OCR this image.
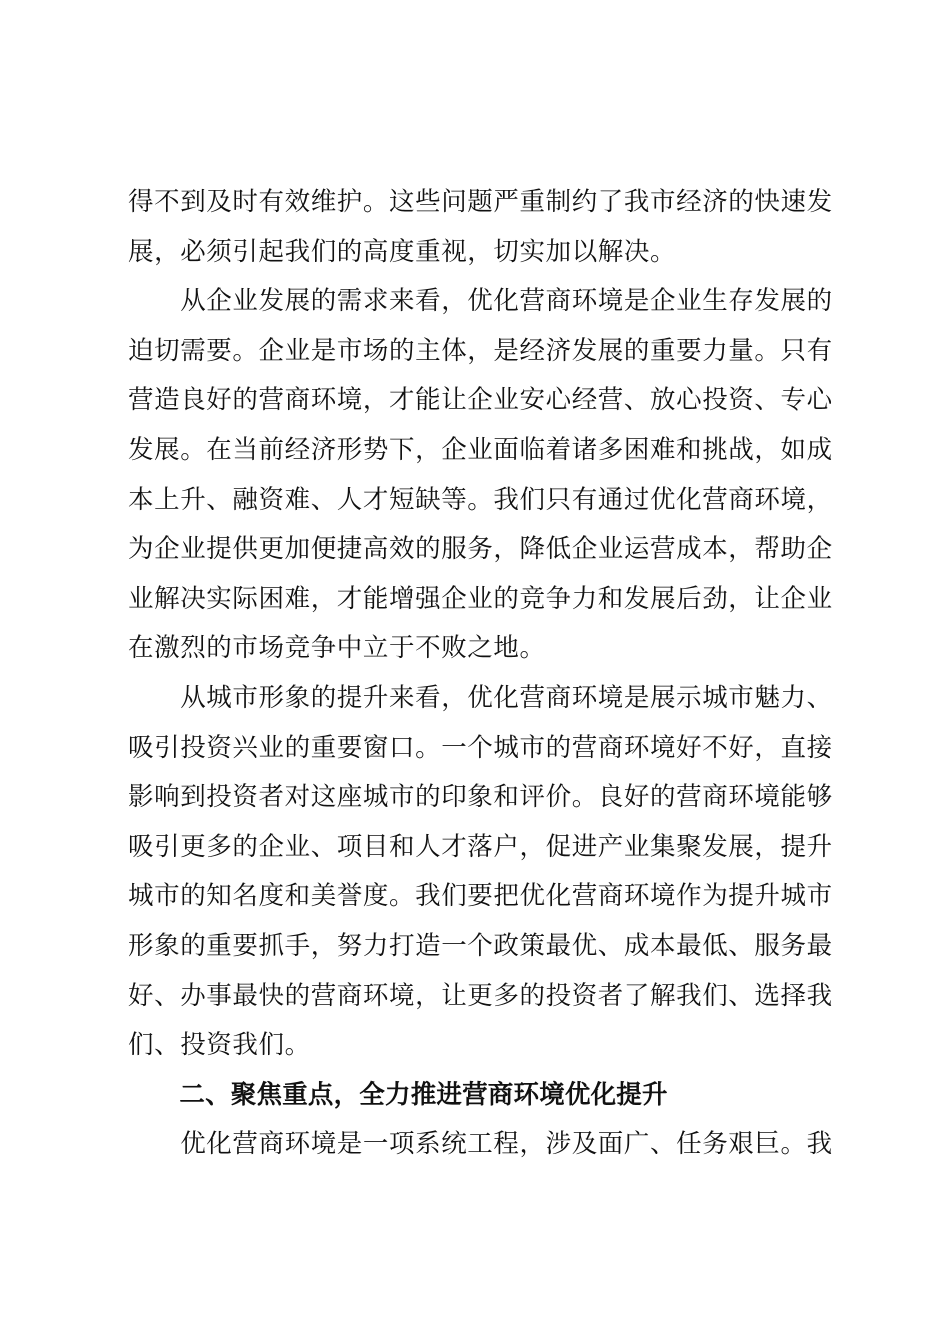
得不到及时有效维护。这些问题严重制约了我市经济的快速发
展，必须引起我们的高度重视，切实加以解决。
　　从企业发展的需求来看，优化营商环境是企业生存发展的
迫切需要。企业是市场的主体，是经济发展的重要力量。只有
营造良好的营商环境，才能让企业安心经营、放心投资、专心
发展。在当前经济形势下，企业面临着诸多困难和挑战，如成
本上升、融资难、人才短缺等。我们只有通过优化营商环境，
为企业提供更加便捷高效的服务，降低企业运营成本，帮助企
业解决实际困难，才能增强企业的竞争力和发展后劲，让企业
在激烈的市场竞争中立于不败之地。
　　从城市形象的提升来看，优化营商环境是展示城市魅力、
吸引投资兴业的重要窗口。一个城市的营商环境好不好，直接
影响到投资者对这座城市的印象和评价。良好的营商环境能够
吸引更多的企业、项目和人才落户，促进产业集聚发展，提升
城市的知名度和美誉度。我们要把优化营商环境作为提升城市
形象的重要抓手，努力打造一个政策最优、成本最低、服务最
好、办事最快的营商环境，让更多的投资者了解我们、选择我
们、投资我们。
　　二、聚焦重点，全力推进营商环境优化提升
　　优化营商环境是一项系统工程，涉及面广、任务艰巨。我
